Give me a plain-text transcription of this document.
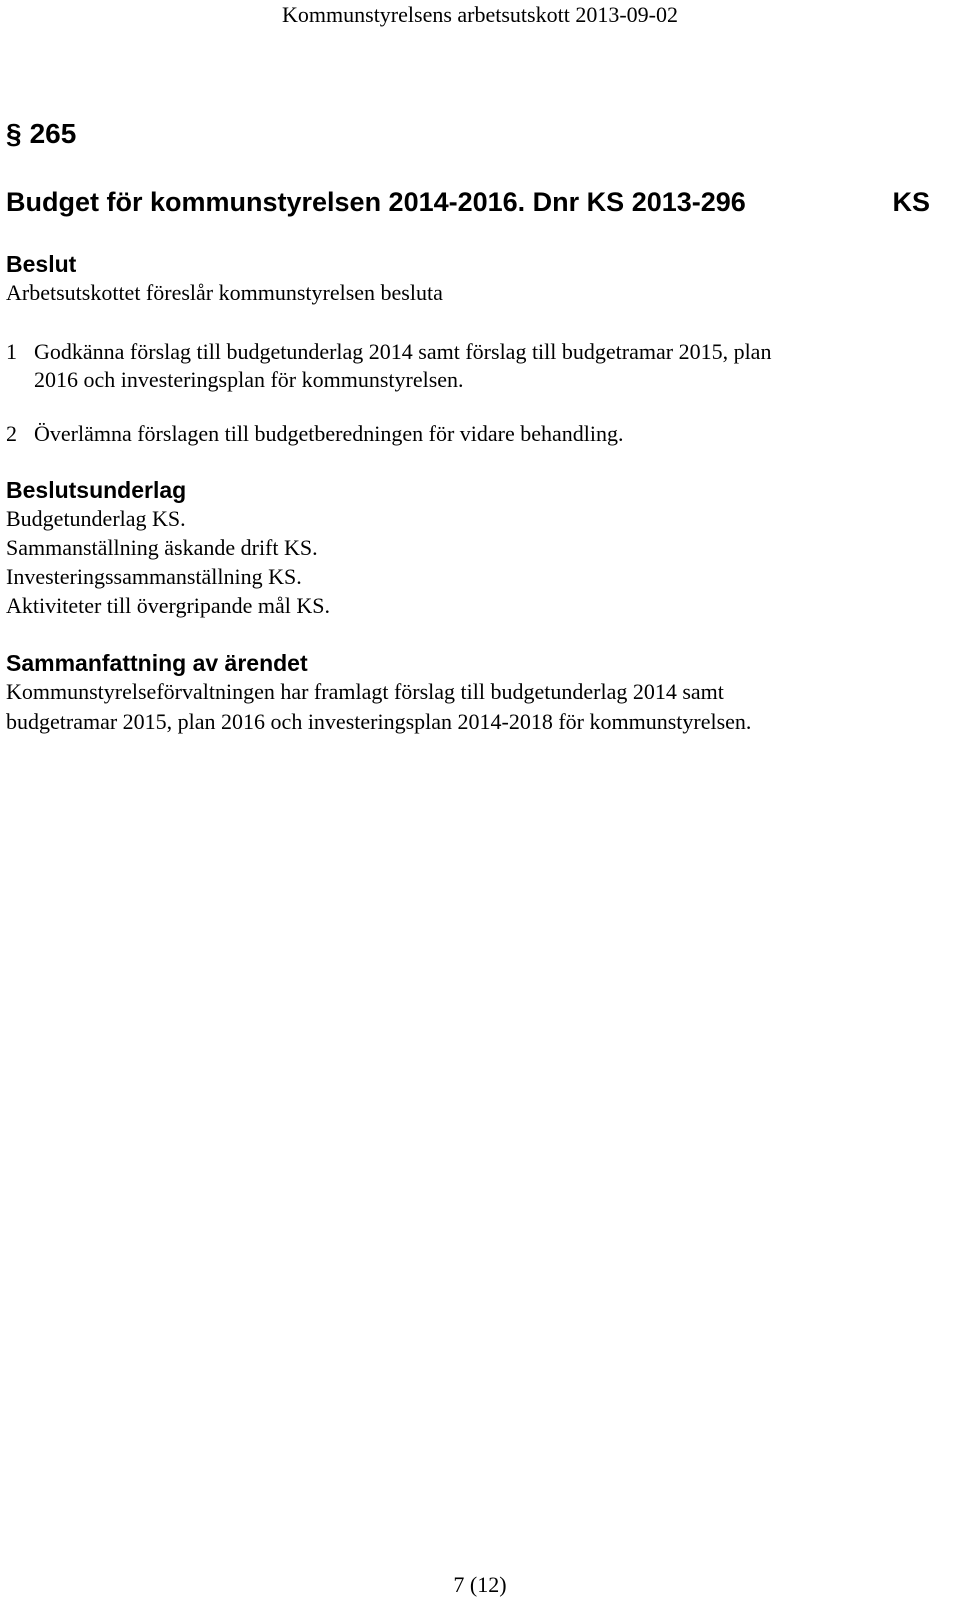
Kommunstyrelsens arbetsutskott 2013-09-02
§ 265
Budget för kommunstyrelsen 2014-2016. Dnr KS 2013-296	KS
Beslut
Arbetsutskottet föreslår kommunstyrelsen besluta
1 Godkänna förslag till budgetunderlag 2014 samt förslag till budgetramar 2015, plan
2016 och investeringsplan för kommunstyrelsen.
2 Överlämna förslagen till budgetberedningen för vidare behandling.
Beslutsunderlag
Budgetunderlag KS.
Sammanställning äskande drift KS.
Investeringssammanställning KS.
Aktiviteter till övergripande mål KS.
Sammanfattning av ärendet
Kommunstyrelseförvaltningen har framlagt förslag till budgetunderlag 2014 samt
budgetramar 2015, plan 2016 och investeringsplan 2014-2018 för kommunstyrelsen.
7 (12)
